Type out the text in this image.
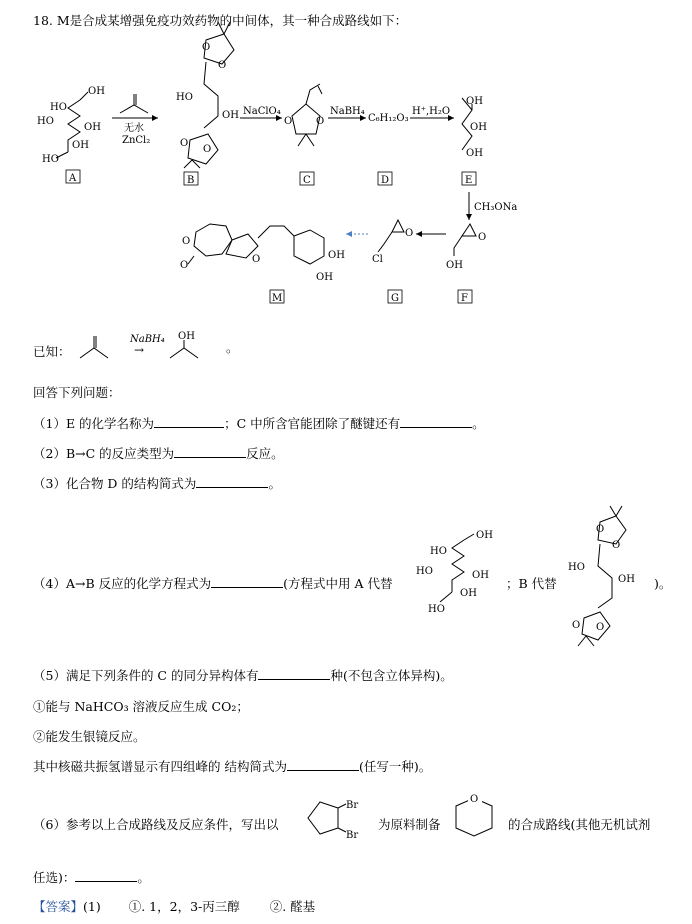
18. M是合成某增强免疫功效药物的中间体，其一种合成路线如下：
OH
HO
HO
OH
OH
HO
A
无水
ZnCl₂
O
O
HO
OH
O
O
B
NaClO₄
O O
C
NaBH₄
C₆H₁₂O₃
D
H⁺,H₂O
OH
OH
OH
E
CH₃ONa
O
OH
F
O
Cl
G
O
O
O	OH
OH
M
已知：
NaBH₄
→
OH
。
回答下列问题：
（1）E 的化学名称为	；C 中所含官能团除了醚键还有	。
（2）B→C 的反应类型为	反应。
（3）化合物 D 的结构简式为	。
（4）A→B 反应的化学方程式为	(方程式中用 A 代替
OH
HO
HO	OH
OH
HO
；B 代替
O
O
HO
OH
O O
)。
（5）满足下列条件的 C 的同分异构体有	种(不包含立体异构)。
①能与 NaHCO₃ 溶液反应生成 CO₂；
②能发生银镜反应。
其中核磁共振氢谱显示有四组峰的 结构简式为	(任写一种)。
（6）参考以上合成路线及反应条件，写出以
Br
Br
为原料制备
O
的合成路线(其他无机试剂
任选)：	。
【答案】(1) ①. 1，2，3-丙三醇 ②. 醛基
